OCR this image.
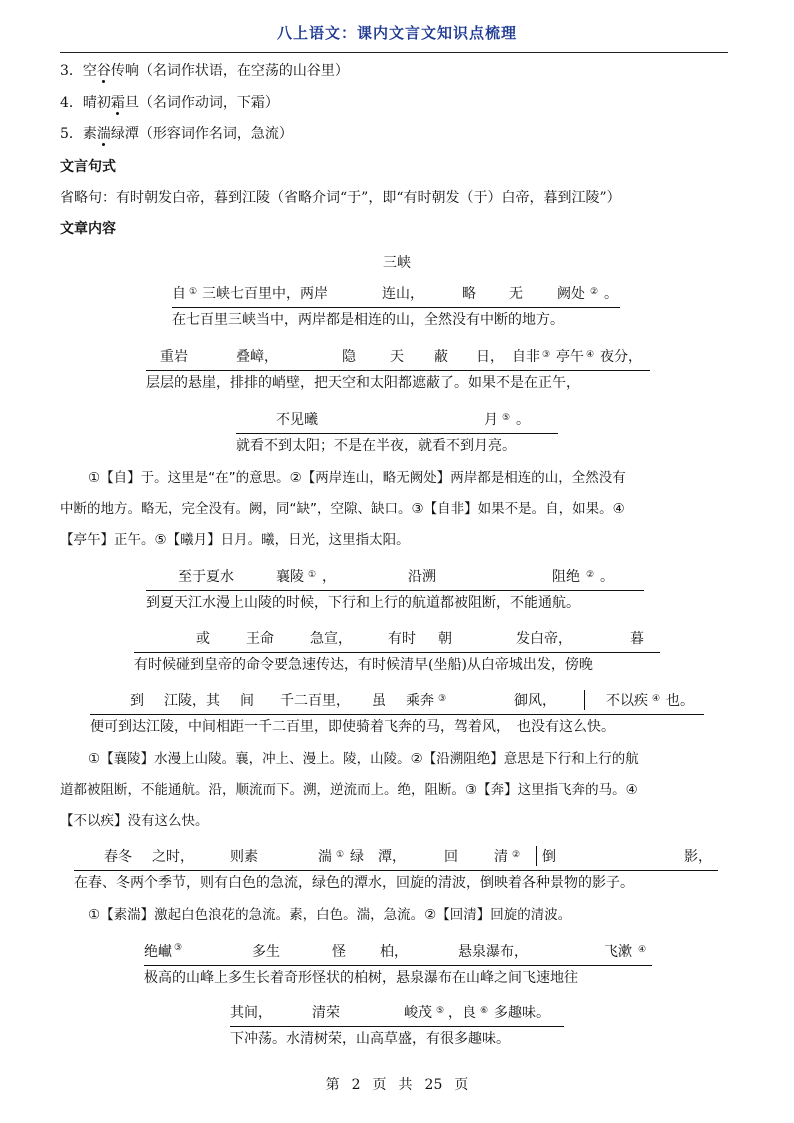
八上语文：课内文言文知识点梳理
3．空谷传响（名词作状语，在空荡的山谷里）
4．晴初霜旦（名词作动词，下霜）
5．素湍绿潭（形容词作名词，急流）
文言句式
省略句：有时朝发白帝，暮到江陵（省略介词“于”，即“有时朝发（于）白帝，暮到江陵”）
文章内容
三峡
自 ① 三峡七百里中，两岸	连山，	略 无 阙处 ② 。
在七百里三峡当中，两岸都是相连的山，全然没有中断的地方。
重岩	叠嶂，	隐 天 蔽 日， 自非 ③ 亭午 ④ 夜分，
层层的悬崖，排排的峭壁，把天空和太阳都遮蔽了。如果不是在正午，
不见曦	月 ⑤ 。
就看不到太阳；不是在半夜，就看不到月亮。
①【自】于。这里是“在”的意思。②【两岸连山，略无阙处】两岸都是相连的山，全然没有
中断的地方。略无，完全没有。阙，同“缺”，空隙、缺口。③【自非】如果不是。自，如果。④
【亭午】正午。⑤【曦月】日月。曦，日光，这里指太阳。
至于夏水	襄陵 ① ，	沿溯	阻绝 ② 。
到夏天江水漫上山陵的时候，下行和上行的航道都被阻断，不能通航。
或	王命	急宣，	有时 朝	发白帝，	暮
有时候碰到皇帝的命令要急速传达，有时候清早(坐船)从白帝城出发，傍晚
到 江陵，其 间 千二百里， 虽 乘奔 ③	御风，	不以疾 ④ 也。
便可到达江陵，中间相距一千二百里，即使骑着飞奔的马，驾着风，　也没有这么快。
①【襄陵】水漫上山陵。襄，冲上、漫上。陵，山陵。②【沿溯阻绝】意思是下行和上行的航
道都被阻断，不能通航。沿，顺流而下。溯，逆流而上。绝，阻断。③【奔】这里指飞奔的马。④
【不以疾】没有这么快。
春冬 之时，	则素	湍 ① 绿 潭，	回	清 ② 倒	影，
在春、冬两个季节，则有白色的急流，绿色的潭水，回旋的清波，倒映着各种景物的影子。
①【素湍】激起白色浪花的急流。素，白色。湍，急流。②【回清】回旋的清波。
绝𪩘 ③	多生	怪 柏，	悬泉瀑布，	飞漱 ④
极高的山峰上多生长着奇形怪状的柏树，悬泉瀑布在山峰之间飞速地往
其间，	清荣	峻茂 ⑤ ，良 ⑥ 多趣味。
下冲荡。水清树荣，山高草盛，有很多趣味。
第 2 页 共 25 页
